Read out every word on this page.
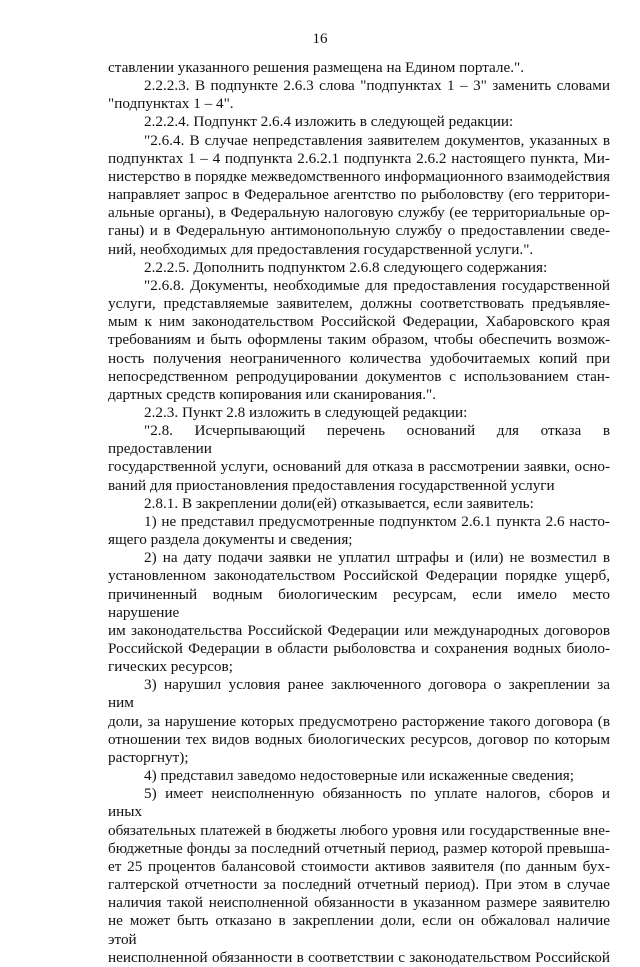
16

ставлении указанного решения размещена на Едином портале.".

2.2.2.3. В подпункте 2.6.3 слова "подпунктах 1 – 3" заменить словами

"подпунктах 1 – 4".

2.2.2.4. Подпункт 2.6.4 изложить в следующей редакции:

"2.6.4. В случае непредставления заявителем документов, указанных в

подпунктах 1 – 4 подпункта 2.6.2.1 подпункта 2.6.2 настоящего пункта, Ми-

нистерство в порядке межведомственного информационного взаимодействия

направляет запрос в Федеральное агентство по рыболовству (его территори-

альные органы), в Федеральную налоговую службу (ее территориальные ор-

ганы) и в Федеральную антимонопольную службу о предоставлении сведе-

ний, необходимых для предоставления государственной услуги.".

2.2.2.5. Дополнить подпунктом 2.6.8 следующего содержания:

"2.6.8. Документы, необходимые для предоставления государственной

услуги, представляемые заявителем, должны соответствовать предъявляе-

мым к ним законодательством Российской Федерации, Хабаровского края

требованиям и быть оформлены таким образом, чтобы обеспечить возмож-

ность получения неограниченного количества удобочитаемых копий при

непосредственном репродуцировании документов с использованием стан-

дартных средств копирования или сканирования.".

2.2.3. Пункт 2.8 изложить в следующей редакции:

"2.8. Исчерпывающий перечень оснований для отказа в предоставлении

государственной услуги, оснований для отказа в рассмотрении заявки, осно-

ваний для приостановления предоставления государственной услуги

2.8.1. В закреплении доли(ей) отказывается, если заявитель:

1) не представил предусмотренные подпунктом 2.6.1 пункта 2.6 насто-

ящего раздела документы и сведения;

2) на дату подачи заявки не уплатил штрафы и (или) не возместил в

установленном законодательством Российской Федерации порядке ущерб,

причиненный водным биологическим ресурсам, если имело место нарушение

им законодательства Российской Федерации или международных договоров

Российской Федерации в области рыболовства и сохранения водных биоло-

гических ресурсов;

3) нарушил условия ранее заключенного договора о закреплении за ним

доли, за нарушение которых предусмотрено расторжение такого договора (в

отношении тех видов водных биологических ресурсов, договор по которым

расторгнут);

4) представил заведомо недостоверные или искаженные сведения;

5) имеет неисполненную обязанность по уплате налогов, сборов и иных

обязательных платежей в бюджеты любого уровня или государственные вне-

бюджетные фонды за последний отчетный период, размер которой превыша-

ет 25 процентов балансовой стоимости активов заявителя (по данным бух-

галтерской отчетности за последний отчетный период). При этом в случае

наличия такой неисполненной обязанности в указанном размере заявителю

не может быть отказано в закреплении доли, если он обжаловал наличие этой

неисполненной обязанности в соответствии с законодательством Российской
